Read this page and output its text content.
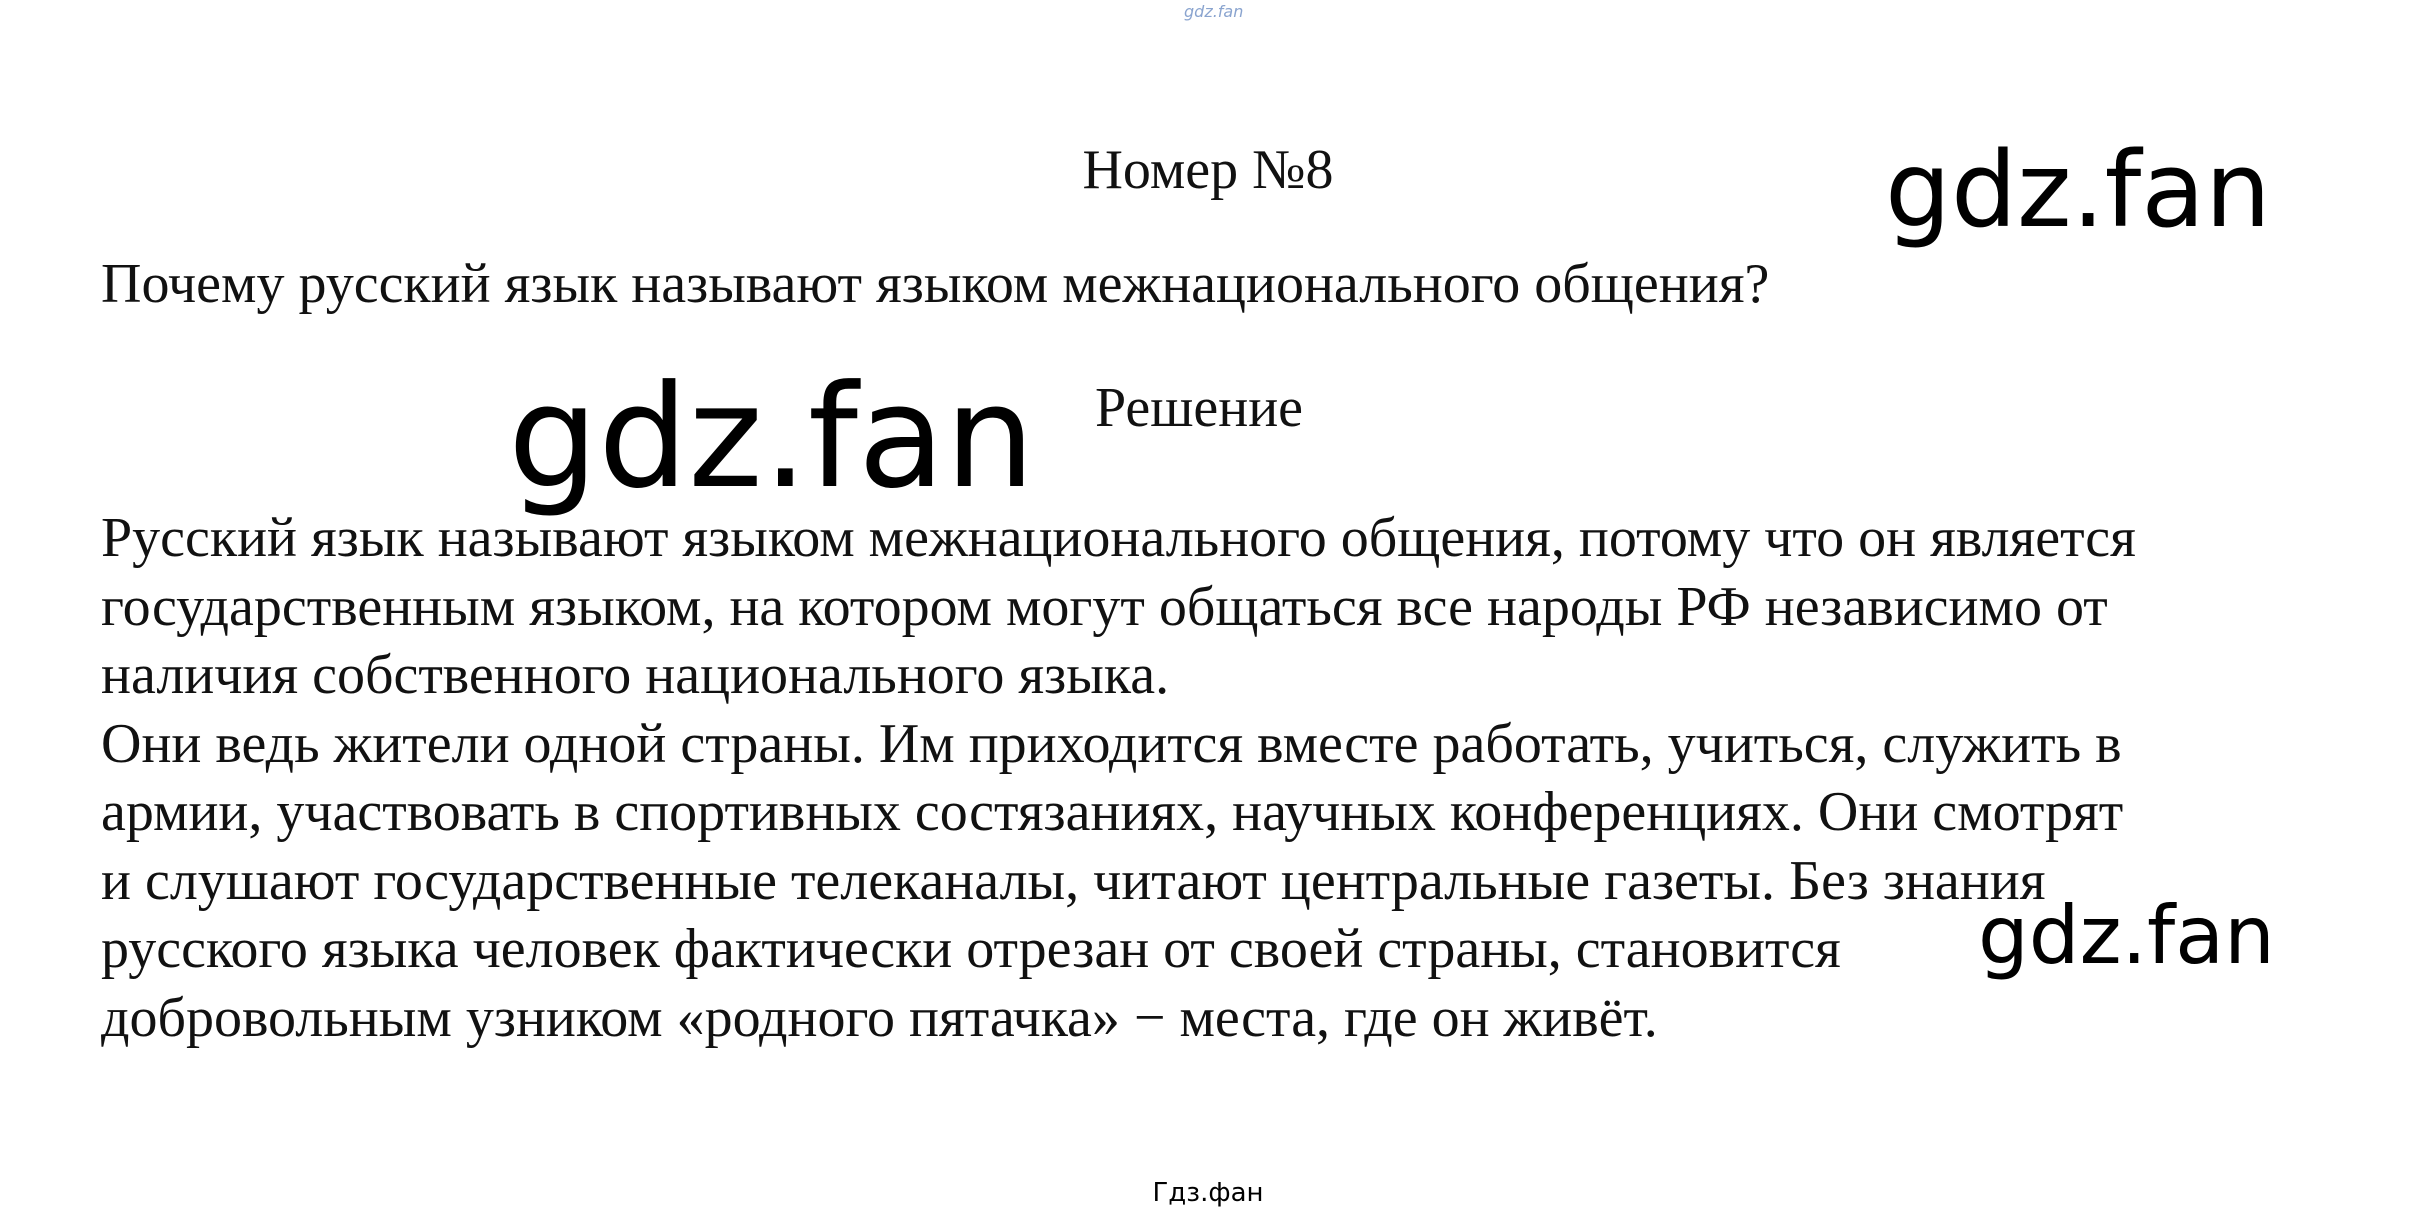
gdz.fan
Номер №8
Почему русский язык называют языком межнационального общения?
Решение

Русский язык называют языком межнационального общения, потому что он является
государственным языком, на котором могут общаться все народы РФ независимо от
наличия собственного национального языка.

Они ведь жители одной страны. Им приходится вместе работать, учиться, служить в
армии, участвовать в спортивных состязаниях, научных конференциях. Они смотрят
и слушают государственные телеканалы, читают центральные газеты. Без знания
русского языка человек фактически отрезан от своей страны, становится
добровольным узником «родного пятачка» − места, где он живёт.

gdz.fan
gdz.fan
gdz.fan
Гдз.фан
